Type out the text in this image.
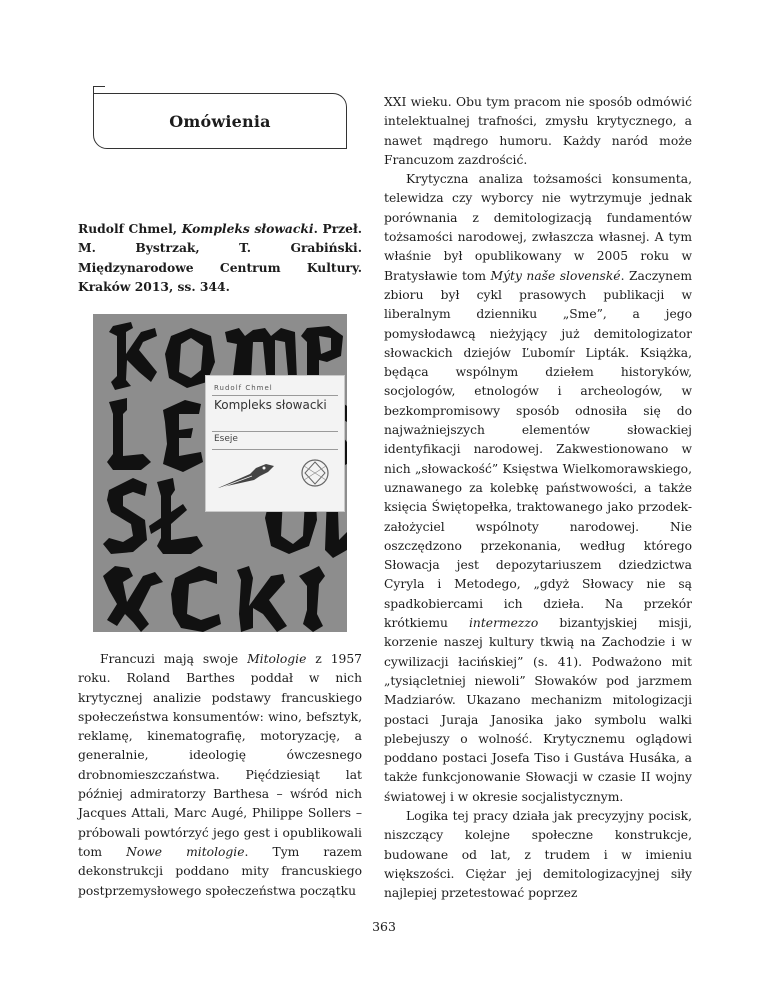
Omówienia
Rudolf Chmel, Kompleks słowacki. Przeł. M. Bystrzak, T. Grabiński. Międzynarodowe Centrum Kultury. Kraków 2013, ss. 344.
Rudolf Chmel
Kompleks słowacki
Eseje

Francuzi mają swoje Mitologie z 1957 roku. Roland Barthes poddał w nich krytycznej analizie podstawy francuskiego społeczeństwa konsumentów: wino, befsztyk, reklamę, kinematografię, motoryzację, a generalnie, ideologię ówczesnego drobnomieszczaństwa. Pięćdziesiąt lat później admiratorzy Barthesa – wśród nich Jacques Attali, Marc Augé, Philippe Sollers – próbowali powtórzyć jego gest i opublikowali tom Nowe mitologie. Tym razem dekonstrukcji poddano mity francuskiego postprzemysłowego społeczeństwa początku

XXI wieku. Obu tym pracom nie sposób odmówić intelektualnej trafności, zmysłu krytycznego, a nawet mądrego humoru. Każdy naród może Francuzom zazdrościć.

Krytyczna analiza tożsamości konsumenta, telewidza czy wyborcy nie wytrzymuje jednak porównania z demitologizacją fundamentów tożsamości narodowej, zwłaszcza własnej. A tym właśnie był opublikowany w 2005 roku w Bratysławie tom Mýty naše slovenské. Zaczynem zbioru był cykl prasowych publikacji w liberalnym dzienniku „Sme”, a jego pomysłodawcą nieżyjący już demitologizator słowackich dziejów Ľubomír Lipták. Książka, będąca wspólnym dziełem historyków, socjologów, etnologów i archeologów, w bezkompromisowy sposób odnosiła się do najważniejszych elementów słowackiej identyfikacji narodowej. Zakwestionowano w nich „słowackość” Księstwa Wielkomorawskiego, uznawanego za kolebkę państwowości, a także księcia Świętopełka, traktowanego jako przodek-założyciel wspólnoty narodowej. Nie oszczędzono przekonania, według którego Słowacja jest depozytariuszem dziedzictwa Cyryla i Metodego, „gdyż Słowacy nie są spadkobiercami ich dzieła. Na przekór krótkiemu intermezzo bizantyjskiej misji, korzenie naszej kultury tkwią na Zachodzie i w cywilizacji łacińskiej” (s. 41). Podważono mit „tysiącletniej niewoli” Słowaków pod jarzmem Madziarów. Ukazano mechanizm mitologizacji postaci Juraja Janosika jako symbolu walki plebejuszy o wolność. Krytycznemu oglądowi poddano postaci Josefa Tiso i Gustáva Husáka, a także funkcjonowanie Słowacji w czasie II wojny światowej i w okresie socjalistycznym.

Logika tej pracy działa jak precyzyjny pocisk, niszczący kolejne społeczne konstrukcje, budowane od lat, z trudem i w imieniu większości. Ciężar jej demitologizacyjnej siły najlepiej przetestować poprzez

363
